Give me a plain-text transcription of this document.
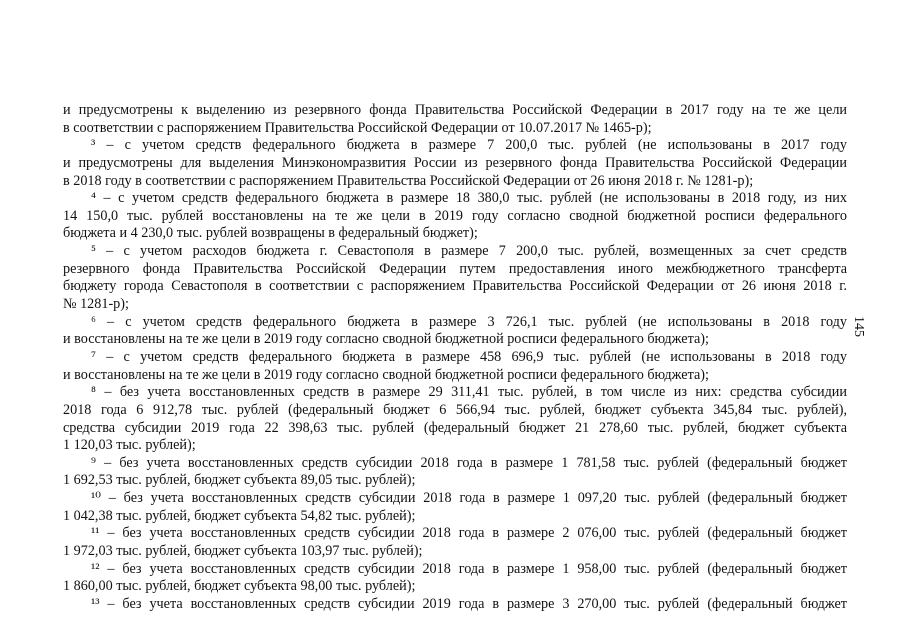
и предусмотрены к выделению из резервного фонда Правительства Российской Федерации в 2017 году на те же цели
в соответствии с распоряжением Правительства Российской Федерации от 10.07.2017 № 1465-р);
³ – с учетом средств федерального бюджета в размере 7 200,0 тыс. рублей (не использованы в 2017 году
и предусмотрены для выделения Минэкономразвития России из резервного фонда Правительства Российской Федерации
в 2018 году в соответствии с распоряжением Правительства Российской Федерации от 26 июня 2018 г. № 1281-р);
⁴ – с учетом средств федерального бюджета в размере 18 380,0 тыс. рублей (не использованы в 2018 году, из них
14 150,0 тыс. рублей восстановлены на те же цели в 2019 году согласно сводной бюджетной росписи федерального
бюджета и 4 230,0 тыс. рублей возвращены в федеральный бюджет);
⁵ – с учетом расходов бюджета г. Севастополя в размере 7 200,0 тыс. рублей, возмещенных за счет средств
резервного фонда Правительства Российской Федерации путем предоставления иного межбюджетного трансферта
бюджету города Севастополя в соответствии с распоряжением Правительства Российской Федерации от 26 июня 2018 г.
№ 1281-р);
⁶ – с учетом средств федерального бюджета в размере 3 726,1 тыс. рублей (не использованы в 2018 году
и восстановлены на те же цели в 2019 году согласно сводной бюджетной росписи федерального бюджета);
⁷ – с учетом средств федерального бюджета в размере 458 696,9 тыс. рублей (не использованы в 2018 году
и восстановлены на те же цели в 2019 году согласно сводной бюджетной росписи федерального бюджета);
⁸ – без учета восстановленных средств в размере 29 311,41 тыс. рублей, в том числе из них: средства субсидии
2018 года 6 912,78 тыс. рублей (федеральный бюджет 6 566,94 тыс. рублей, бюджет субъекта 345,84 тыс. рублей),
средства субсидии 2019 года 22 398,63 тыс. рублей (федеральный бюджет 21 278,60 тыс. рублей, бюджет субъекта
1 120,03 тыс. рублей);
⁹ – без учета восстановленных средств субсидии 2018 года в размере 1 781,58 тыс. рублей (федеральный бюджет
1 692,53 тыс. рублей, бюджет субъекта 89,05 тыс. рублей);
¹⁰ – без учета восстановленных средств субсидии 2018 года в размере 1 097,20 тыс. рублей (федеральный бюджет
1 042,38 тыс. рублей, бюджет субъекта 54,82 тыс. рублей);
¹¹ – без учета восстановленных средств субсидии 2018 года в размере 2 076,00 тыс. рублей (федеральный бюджет
1 972,03 тыс. рублей, бюджет субъекта 103,97 тыс. рублей);
¹² – без учета восстановленных средств субсидии 2018 года в размере 1 958,00 тыс. рублей (федеральный бюджет
1 860,00 тыс. рублей, бюджет субъекта 98,00 тыс. рублей);
¹³ – без учета восстановленных средств субсидии 2019 года в размере 3 270,00 тыс. рублей (федеральный бюджет
145
